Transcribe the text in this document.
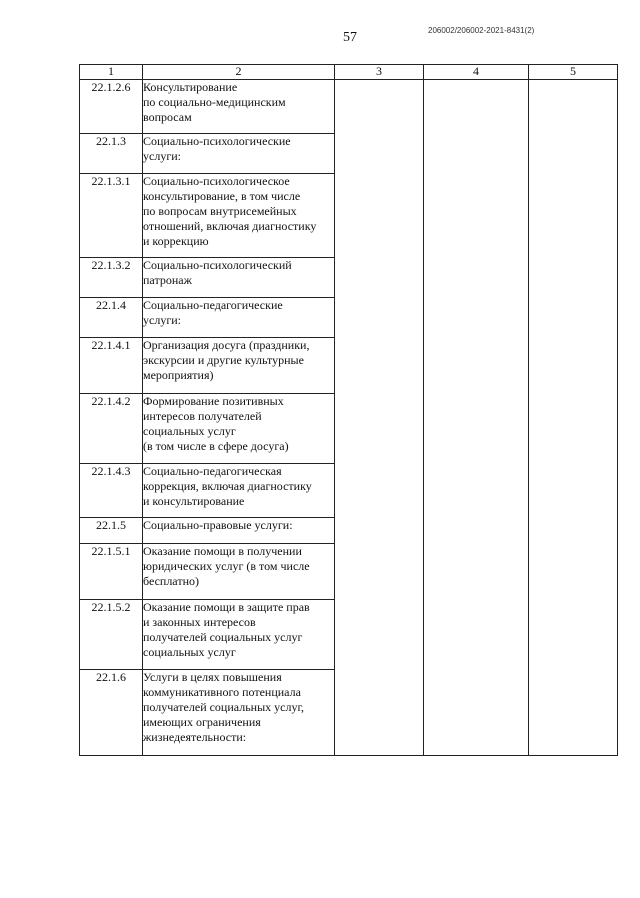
57	206002/206002-2021-8431(2)
1	2	3	4	5
22.1.2.6	Консультирование
по социально-медицинским
вопросам			
22.1.3	Социально-психологические
услуги:			
22.1.3.1	Социально-психологическое
консультирование, в том числе
по вопросам внутрисемейных
отношений, включая диагностику
и коррекцию			
22.1.3.2	Социально-психологический
патронаж			
22.1.4	Социально-педагогические
услуги:			
22.1.4.1	Организация досуга (праздники,
экскурсии и другие культурные
мероприятия)			
22.1.4.2	Формирование позитивных
интересов получателей
социальных услуг
(в том числе в сфере досуга)			
22.1.4.3	Социально-педагогическая
коррекция, включая диагностику
и консультирование			
22.1.5	Социально-правовые услуги:			
22.1.5.1	Оказание помощи в получении
юридических услуг (в том числе
бесплатно)			
22.1.5.2	Оказание помощи в защите прав
и законных интересов
получателей социальных услуг
социальных услуг			
22.1.6	Услуги в целях повышения
коммуникативного потенциала
получателей социальных услуг,
имеющих ограничения
жизнедеятельности:			
